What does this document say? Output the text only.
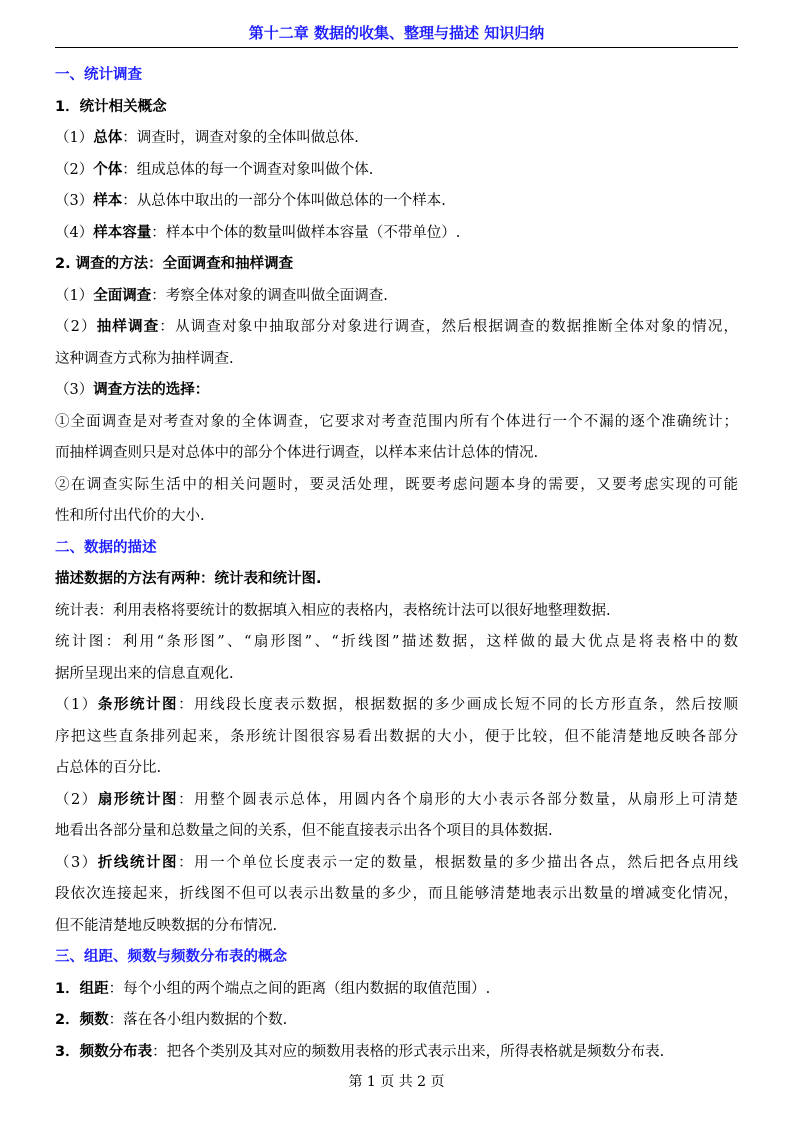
第十二章 数据的收集、整理与描述 知识归纳
一、统计调查
1．统计相关概念
（1）总体：调查时，调查对象的全体叫做总体.
（2）个体：组成总体的每一个调查对象叫做个体.
（3）样本：从总体中取出的一部分个体叫做总体的一个样本.
（4）样本容量：样本中个体的数量叫做样本容量（不带单位）.
2. 调查的方法：全面调查和抽样调查
（1）全面调查：考察全体对象的调查叫做全面调查.
（2）抽样调查：从调查对象中抽取部分对象进行调查，然后根据调查的数据推断全体对象的情况，
这种调查方式称为抽样调查.
（3）调查方法的选择：
①全面调查是对考查对象的全体调查，它要求对考查范围内所有个体进行一个不漏的逐个准确统计；
而抽样调查则只是对总体中的部分个体进行调查，以样本来估计总体的情况.
②在调查实际生活中的相关问题时，要灵活处理，既要考虑问题本身的需要，又要考虑实现的可能
性和所付出代价的大小.
二、数据的描述
描述数据的方法有两种：统计表和统计图.
统计表：利用表格将要统计的数据填入相应的表格内，表格统计法可以很好地整理数据.
统计图：利用“条形图”、“扇形图”、“折线图”描述数据，这样做的最大优点是将表格中的数
据所呈现出来的信息直观化.
（1）条形统计图：用线段长度表示数据，根据数据的多少画成长短不同的长方形直条，然后按顺
序把这些直条排列起来，条形统计图很容易看出数据的大小，便于比较，但不能清楚地反映各部分
占总体的百分比.
（2）扇形统计图：用整个圆表示总体，用圆内各个扇形的大小表示各部分数量，从扇形上可清楚
地看出各部分量和总数量之间的关系，但不能直接表示出各个项目的具体数据.
（3）折线统计图：用一个单位长度表示一定的数量，根据数量的多少描出各点，然后把各点用线
段依次连接起来，折线图不但可以表示出数量的多少，而且能够清楚地表示出数量的增减变化情况，
但不能清楚地反映数据的分布情况.
三、组距、频数与频数分布表的概念
1．组距：每个小组的两个端点之间的距离（组内数据的取值范围）.
2．频数：落在各小组内数据的个数.
3．频数分布表：把各个类别及其对应的频数用表格的形式表示出来，所得表格就是频数分布表.
第 1 页 共 2 页
